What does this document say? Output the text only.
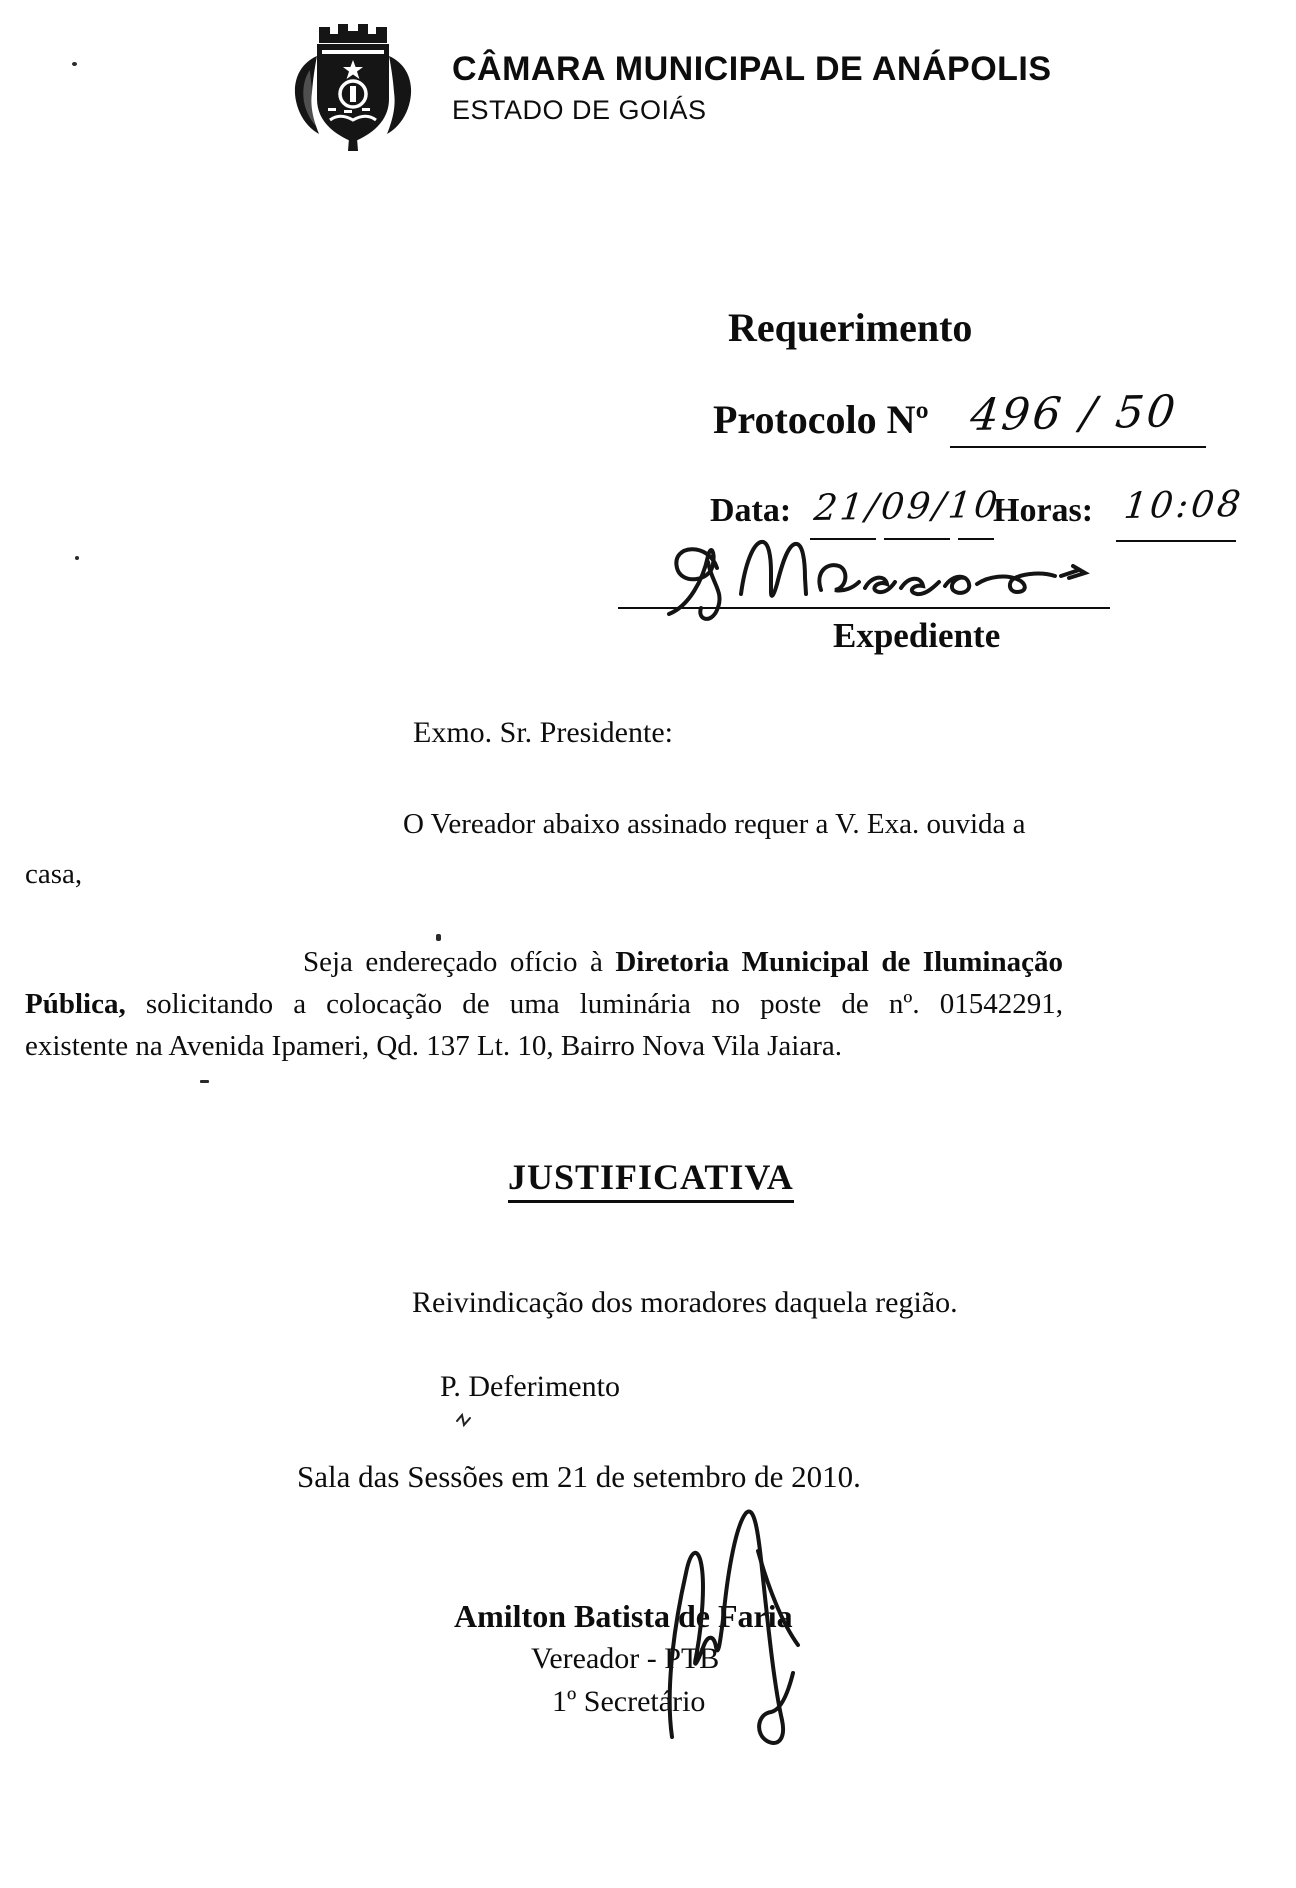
CÂMARA MUNICIPAL DE ANÁPOLIS
ESTADO DE GOIÁS
Requerimento
Protocolo Nº 496 / 50
Data: 21/09/10
Horas: 10:08
Expediente
Exmo. Sr. Presidente:
O Vereador abaixo assinado requer a V. Exa. ouvida a
casa,
Seja endereçado ofício à Diretoria Municipal de Iluminação
Pública, solicitando a colocação de uma luminária no poste de nº. 01542291,
existente na Avenida Ipameri, Qd. 137 Lt. 10, Bairro Nova Vila Jaiara.
JUSTIFICATIVA
Reivindicação dos moradores daquela região.
P. Deferimento
Sala das Sessões em 21 de setembro de 2010.
Amilton Batista de Faria
Vereador - PTB
1º Secretário
